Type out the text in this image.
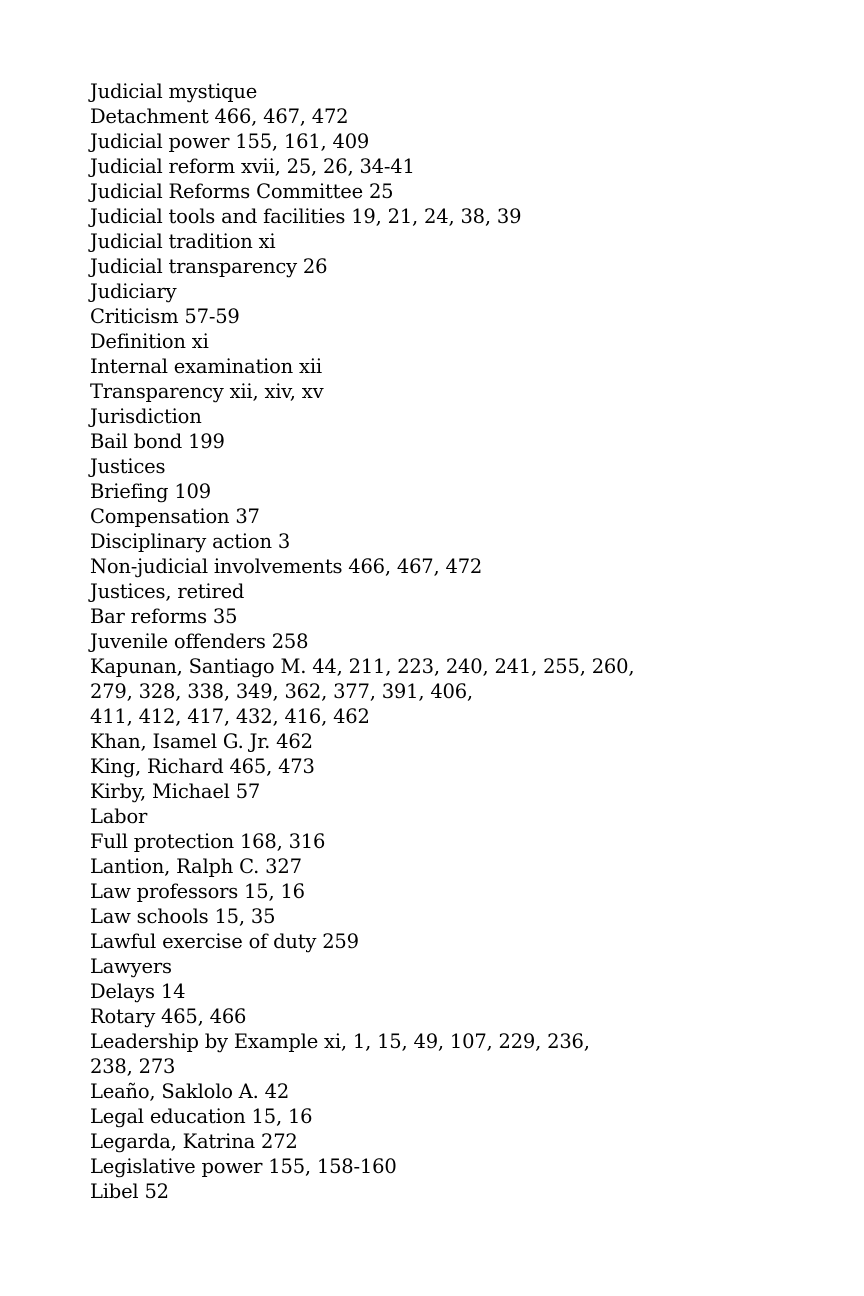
Judicial mystique
Detachment 466, 467, 472
Judicial power 155, 161, 409
Judicial reform xvii, 25, 26, 34-41
Judicial Reforms Committee 25
Judicial tools and facilities 19, 21, 24, 38, 39
Judicial tradition xi
Judicial transparency 26
Judiciary
Criticism 57-59
Definition xi
Internal examination xii
Transparency xii, xiv, xv
Jurisdiction
Bail bond 199
Justices
Briefing 109
Compensation 37
Disciplinary action 3
Non-judicial involvements 466, 467, 472
Justices, retired
Bar reforms 35
Juvenile offenders 258
Kapunan, Santiago M. 44, 211, 223, 240, 241, 255, 260,
279, 328, 338, 349, 362, 377, 391, 406,
411, 412, 417, 432, 416, 462
Khan, Isamel G. Jr. 462
King, Richard 465, 473
Kirby, Michael 57
Labor
Full protection 168, 316
Lantion, Ralph C. 327
Law professors 15, 16
Law schools 15, 35
Lawful exercise of duty 259
Lawyers
Delays 14
Rotary 465, 466
Leadership by Example xi, 1, 15, 49, 107, 229, 236,
238, 273
Leaño, Saklolo A. 42
Legal education 15, 16
Legarda, Katrina 272
Legislative power 155, 158-160
Libel 52
